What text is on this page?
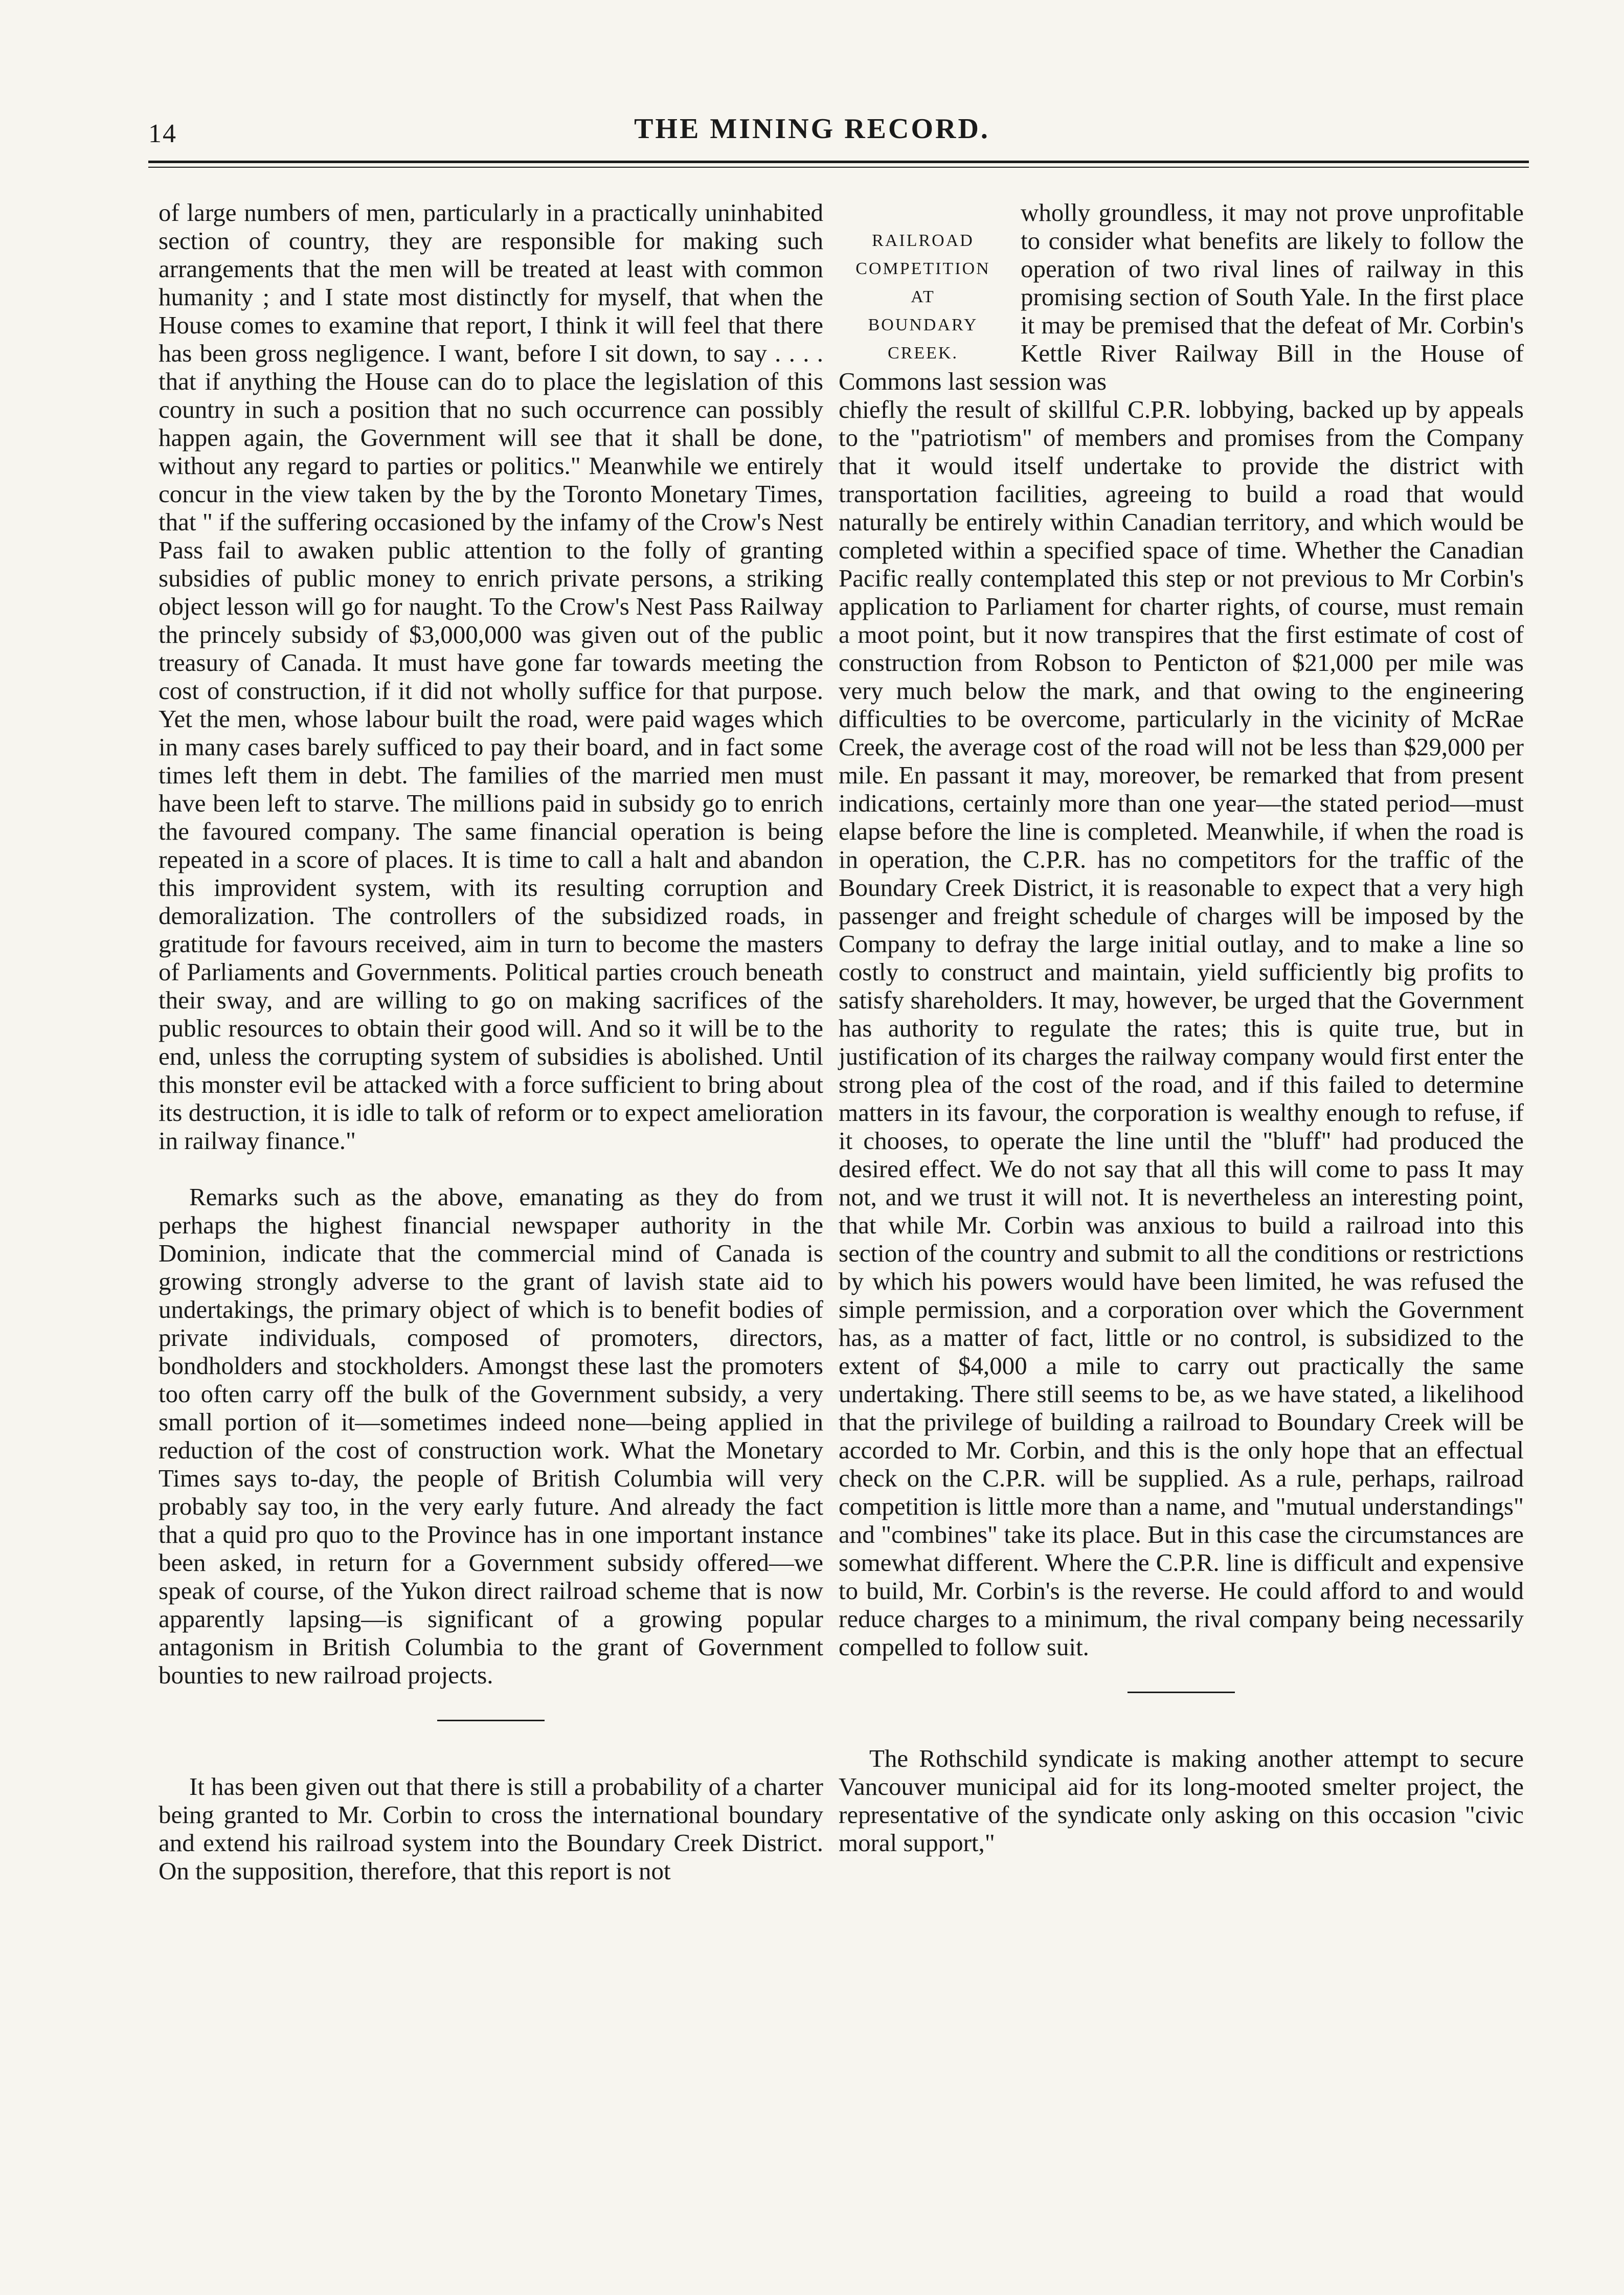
14	THE MINING RECORD.

of large numbers of men, particularly in a practically uninhabited section of country, they are responsible for making such arrangements that the men will be treated at least with common humanity ; and I state most distinctly for myself, that when the House comes to examine that report, I think it will feel that there has been gross negligence. I want, before I sit down, to say . . . . that if anything the House can do to place the legislation of this country in such a position that no such occurrence can possibly happen again, the Government will see that it shall be done, without any regard to parties or politics." Meanwhile we entirely concur in the view taken by the by the Toronto Monetary Times, that " if the suffering occasioned by the infamy of the Crow's Nest Pass fail to awaken public attention to the folly of granting subsidies of public money to enrich private persons, a striking object lesson will go for naught. To the Crow's Nest Pass Railway the princely subsidy of $3,000,000 was given out of the public treasury of Canada. It must have gone far towards meeting the cost of construction, if it did not wholly suffice for that purpose. Yet the men, whose labour built the road, were paid wages which in many cases barely sufficed to pay their board, and in fact some times left them in debt. The families of the married men must have been left to starve. The millions paid in subsidy go to enrich the favoured company. The same financial operation is being repeated in a score of places. It is time to call a halt and abandon this improvident system, with its resulting corruption and demoralization. The controllers of the subsidized roads, in gratitude for favours received, aim in turn to become the masters of Parliaments and Governments. Political parties crouch beneath their sway, and are willing to go on making sacrifices of the public resources to obtain their good will. And so it will be to the end, unless the corrupting system of subsidies is abolished. Until this monster evil be attacked with a force sufficient to bring about its destruction, it is idle to talk of reform or to expect amelioration in railway finance."

Remarks such as the above, emanating as they do from perhaps the highest financial newspaper authority in the Dominion, indicate that the commercial mind of Canada is growing strongly adverse to the grant of lavish state aid to undertakings, the primary object of which is to benefit bodies of private individuals, composed of promoters, directors, bondholders and stockholders. Amongst these last the promoters too often carry off the bulk of the Government subsidy, a very small portion of it—sometimes indeed none—being applied in reduction of the cost of construction work. What the Monetary Times says to-day, the people of British Columbia will very probably say too, in the very early future. And already the fact that a quid pro quo to the Province has in one important instance been asked, in return for a Government subsidy offered—we speak of course, of the Yukon direct railroad scheme that is now apparently lapsing—is significant of a growing popular antagonism in British Columbia to the grant of Government bounties to new railroad projects.

It has been given out that there is still a probability of a charter being granted to Mr. Corbin to cross the international boundary and extend his railroad system into the Boundary Creek District. On the supposition, therefore, that this report is not

RAILROAD
COMPETITION
AT
BOUNDARY
CREEK.
wholly groundless, it may not prove unprofitable to consider what benefits are likely to follow the operation of two rival lines of railway in this promising section of South Yale. In the first place it may be premised that the defeat of Mr. Corbin's Kettle River Railway Bill in the House of Commons last session was

chiefly the result of skillful C.P.R. lobbying, backed up by appeals to the "patriotism" of members and promises from the Company that it would itself undertake to provide the district with transportation facilities, agreeing to build a road that would naturally be entirely within Canadian territory, and which would be completed within a specified space of time. Whether the Canadian Pacific really contemplated this step or not previous to Mr Corbin's application to Parliament for charter rights, of course, must remain a moot point, but it now transpires that the first estimate of cost of construction from Robson to Penticton of $21,000 per mile was very much below the mark, and that owing to the engineering difficulties to be overcome, particularly in the vicinity of McRae Creek, the average cost of the road will not be less than $29,000 per mile. En passant it may, moreover, be remarked that from present indications, certainly more than one year—the stated period—must elapse before the line is completed. Meanwhile, if when the road is in operation, the C.P.R. has no competitors for the traffic of the Boundary Creek District, it is reasonable to expect that a very high passenger and freight schedule of charges will be imposed by the Company to defray the large initial outlay, and to make a line so costly to construct and maintain, yield sufficiently big profits to satisfy shareholders. It may, however, be urged that the Government has authority to regulate the rates; this is quite true, but in justification of its charges the railway company would first enter the strong plea of the cost of the road, and if this failed to determine matters in its favour, the corporation is wealthy enough to refuse, if it chooses, to operate the line until the "bluff" had produced the desired effect. We do not say that all this will come to pass It may not, and we trust it will not. It is nevertheless an interesting point, that while Mr. Corbin was anxious to build a railroad into this section of the country and submit to all the conditions or restrictions by which his powers would have been limited, he was refused the simple permission, and a corporation over which the Government has, as a matter of fact, little or no control, is subsidized to the extent of $4,000 a mile to carry out practically the same undertaking. There still seems to be, as we have stated, a likelihood that the privilege of building a railroad to Boundary Creek will be accorded to Mr. Corbin, and this is the only hope that an effectual check on the C.P.R. will be supplied. As a rule, perhaps, railroad competition is little more than a name, and "mutual understandings" and "combines" take its place. But in this case the circumstances are somewhat different. Where the C.P.R. line is difficult and expensive to build, Mr. Corbin's is the reverse. He could afford to and would reduce charges to a minimum, the rival company being necessarily compelled to follow suit.

The Rothschild syndicate is making another attempt to secure Vancouver municipal aid for its long-mooted smelter project, the representative of the syndicate only asking on this occasion "civic moral support,"
